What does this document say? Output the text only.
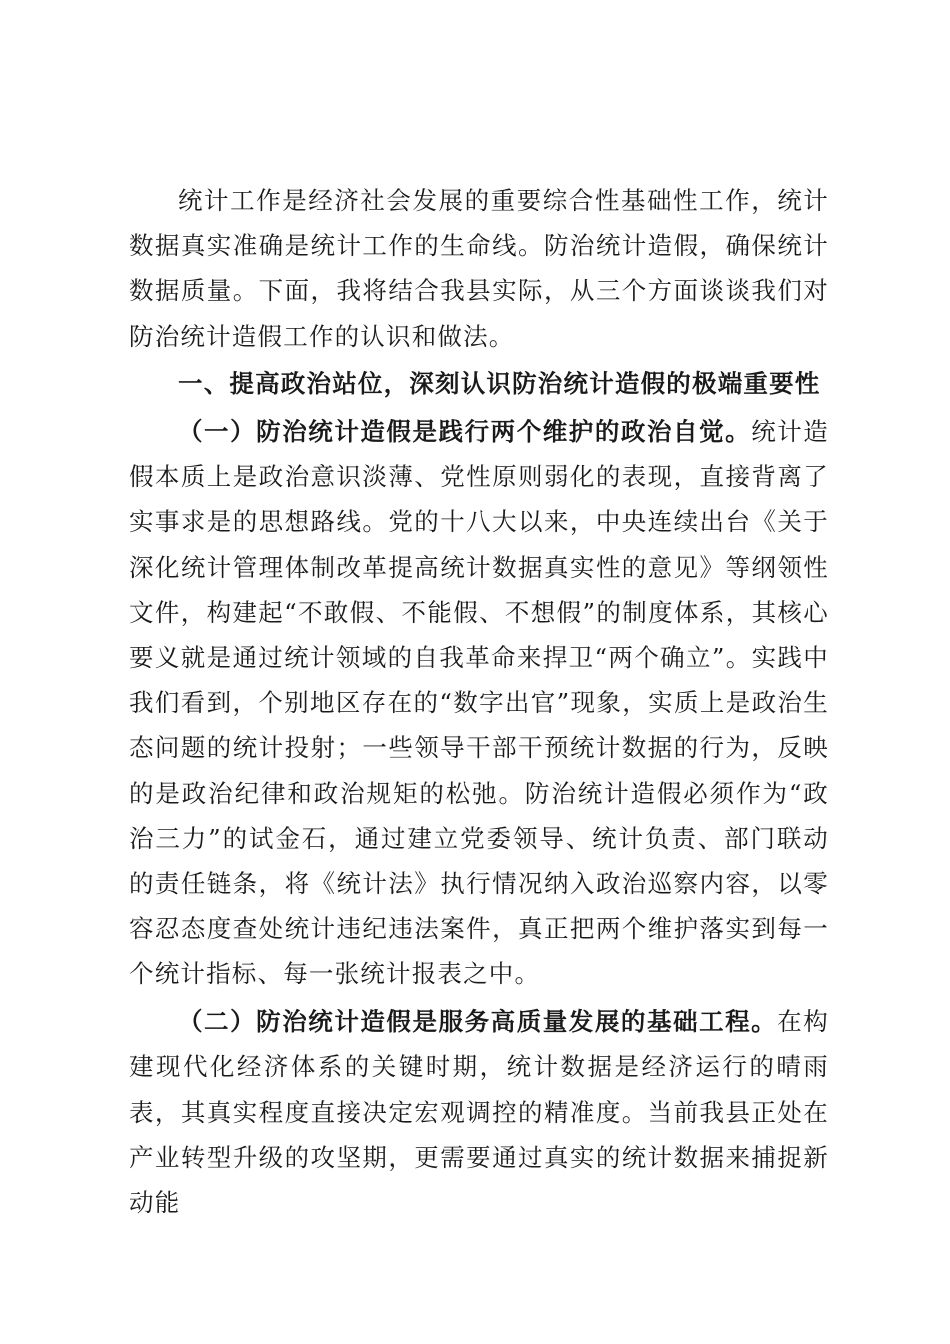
统计工作是经济社会发展的重要综合性基础性工作，统计数据真实准确是统计工作的生命线。防治统计造假，确保统计数据质量。下面，我将结合我县实际，从三个方面谈谈我们对防治统计造假工作的认识和做法。

一、提高政治站位，深刻认识防治统计造假的极端重要性

（一）防治统计造假是践行两个维护的政治自觉。统计造假本质上是政治意识淡薄、党性原则弱化的表现，直接背离了实事求是的思想路线。党的十八大以来，中央连续出台《关于深化统计管理体制改革提高统计数据真实性的意见》等纲领性文件，构建起“不敢假、不能假、不想假”的制度体系，其核心要义就是通过统计领域的自我革命来捍卫“两个确立”。实践中我们看到，个别地区存在的“数字出官”现象，实质上是政治生态问题的统计投射；一些领导干部干预统计数据的行为，反映的是政治纪律和政治规矩的松弛。防治统计造假必须作为“政治三力”的试金石，通过建立党委领导、统计负责、部门联动的责任链条，将《统计法》执行情况纳入政治巡察内容，以零容忍态度查处统计违纪违法案件，真正把两个维护落实到每一个统计指标、每一张统计报表之中。

（二）防治统计造假是服务高质量发展的基础工程。在构建现代化经济体系的关键时期，统计数据是经济运行的晴雨表，其真实程度直接决定宏观调控的精准度。当前我县正处在产业转型升级的攻坚期，更需要通过真实的统计数据来捕捉新动能
